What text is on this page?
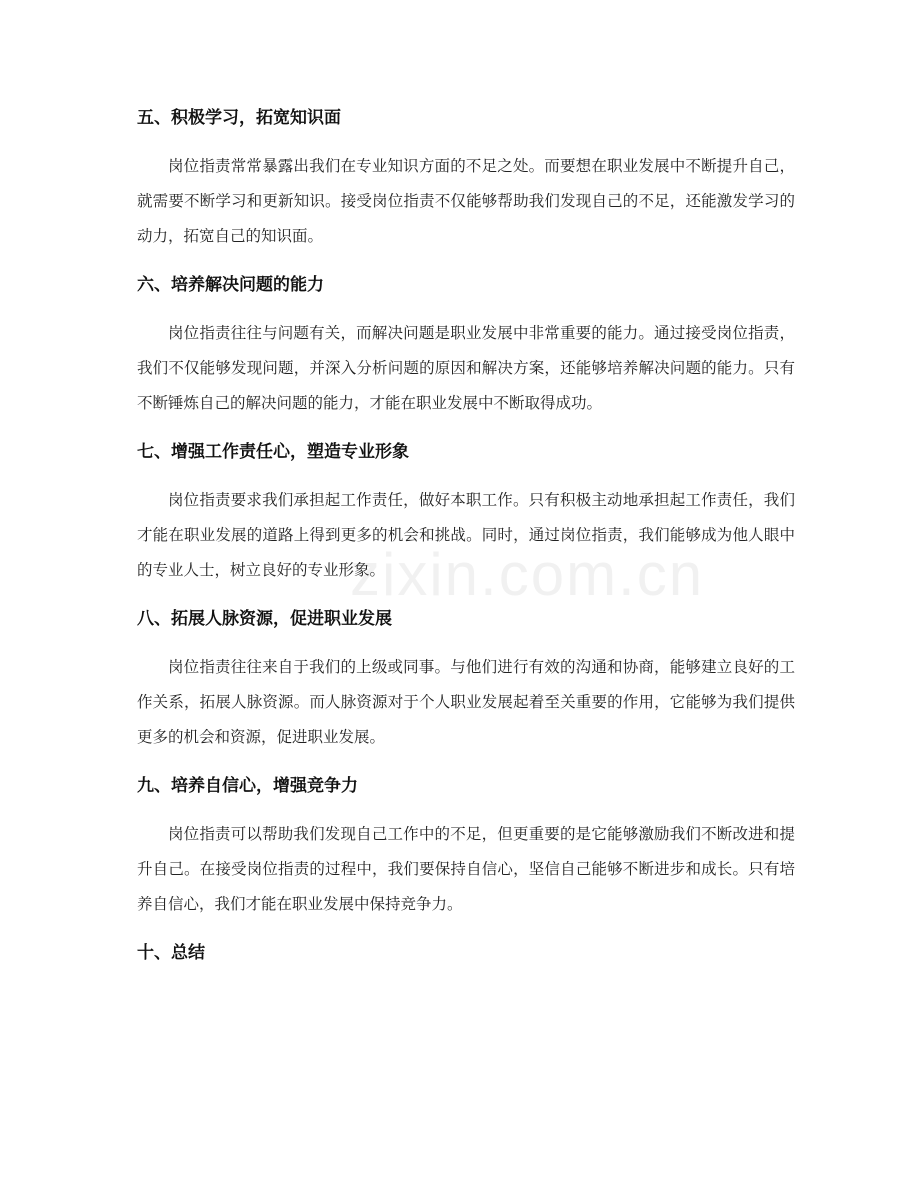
zixin.com.cn
五、积极学习，拓宽知识面

岗位指责常常暴露出我们在专业知识方面的不足之处。而要想在职业发展中不断提升自己，就需要不断学习和更新知识。接受岗位指责不仅能够帮助我们发现自己的不足，还能激发学习的动力，拓宽自己的知识面。

六、培养解决问题的能力

岗位指责往往与问题有关，而解决问题是职业发展中非常重要的能力。通过接受岗位指责，我们不仅能够发现问题，并深入分析问题的原因和解决方案，还能够培养解决问题的能力。只有不断锤炼自己的解决问题的能力，才能在职业发展中不断取得成功。

七、增强工作责任心，塑造专业形象

岗位指责要求我们承担起工作责任，做好本职工作。只有积极主动地承担起工作责任，我们才能在职业发展的道路上得到更多的机会和挑战。同时，通过岗位指责，我们能够成为他人眼中的专业人士，树立良好的专业形象。

八、拓展人脉资源，促进职业发展

岗位指责往往来自于我们的上级或同事。与他们进行有效的沟通和协商，能够建立良好的工作关系，拓展人脉资源。而人脉资源对于个人职业发展起着至关重要的作用，它能够为我们提供更多的机会和资源，促进职业发展。

九、培养自信心，增强竞争力

岗位指责可以帮助我们发现自己工作中的不足，但更重要的是它能够激励我们不断改进和提升自己。在接受岗位指责的过程中，我们要保持自信心，坚信自己能够不断进步和成长。只有培养自信心，我们才能在职业发展中保持竞争力。

十、总结
